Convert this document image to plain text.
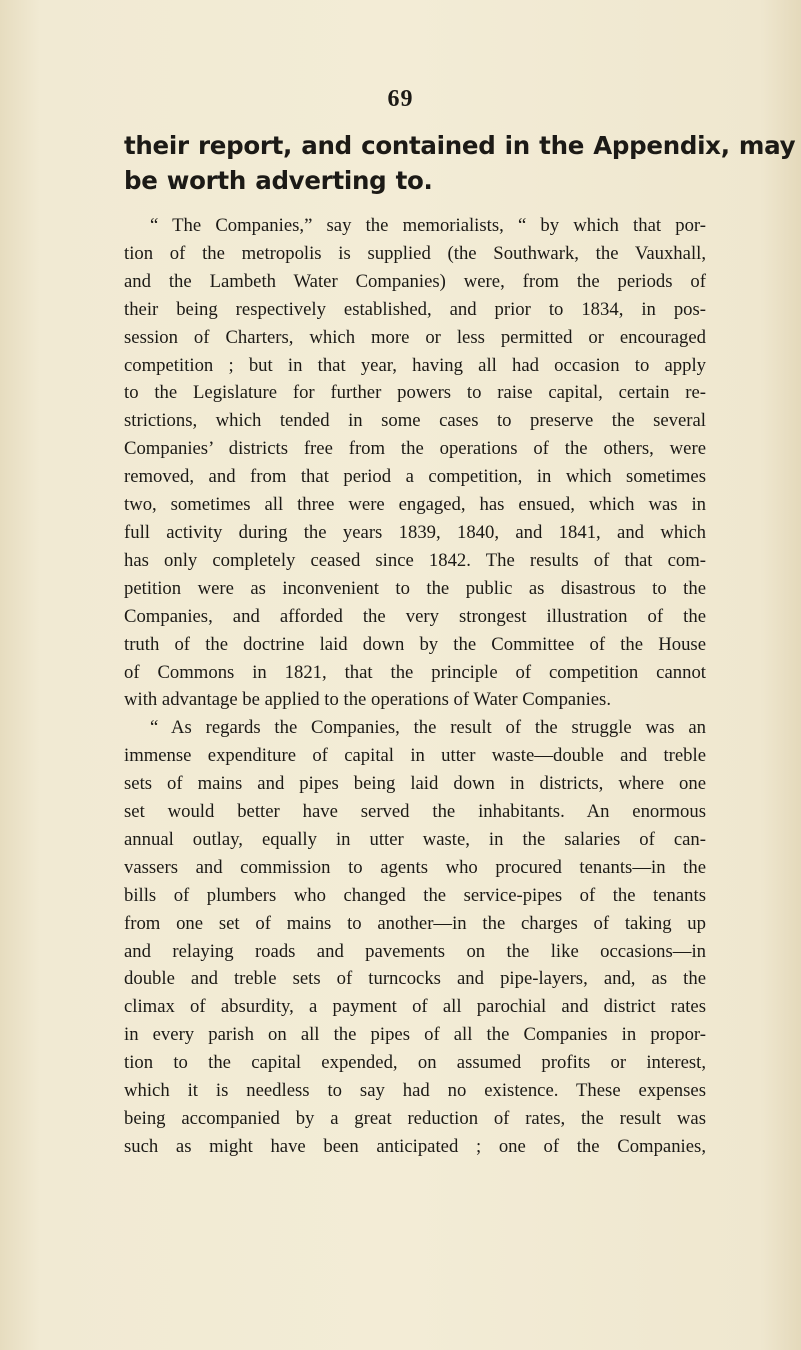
69

their report, and contained in the Appendix, may
be worth adverting to.

“ The Companies,” say the memorialists, “ by which that por-
tion of the metropolis is supplied (the Southwark, the Vauxhall,
and the Lambeth Water Companies) were, from the periods of
their being respectively established, and prior to 1834, in pos-
session of Charters, which more or less permitted or encouraged
competition ; but in that year, having all had occasion to apply
to the Legislature for further powers to raise capital, certain re-
strictions, which tended in some cases to preserve the several
Companies’ districts free from the operations of the others, were
removed, and from that period a competition, in which sometimes
two, sometimes all three were engaged, has ensued, which was in
full activity during the years 1839, 1840, and 1841, and which
has only completely ceased since 1842. The results of that com-
petition were as inconvenient to the public as disastrous to the
Companies, and afforded the very strongest illustration of the
truth of the doctrine laid down by the Committee of the House
of Commons in 1821, that the principle of competition cannot
with advantage be applied to the operations of Water Companies.

“ As regards the Companies, the result of the struggle was an
immense expenditure of capital in utter waste—double and treble
sets of mains and pipes being laid down in districts, where one
set would better have served the inhabitants. An enormous
annual outlay, equally in utter waste, in the salaries of can-
vassers and commission to agents who procured tenants—in the
bills of plumbers who changed the service-pipes of the tenants
from one set of mains to another—in the charges of taking up
and relaying roads and pavements on the like occasions—in
double and treble sets of turncocks and pipe-layers, and, as the
climax of absurdity, a payment of all parochial and district rates
in every parish on all the pipes of all the Companies in propor-
tion to the capital expended, on assumed profits or interest,
which it is needless to say had no existence. These expenses
being accompanied by a great reduction of rates, the result was
such as might have been anticipated ; one of the Companies,
